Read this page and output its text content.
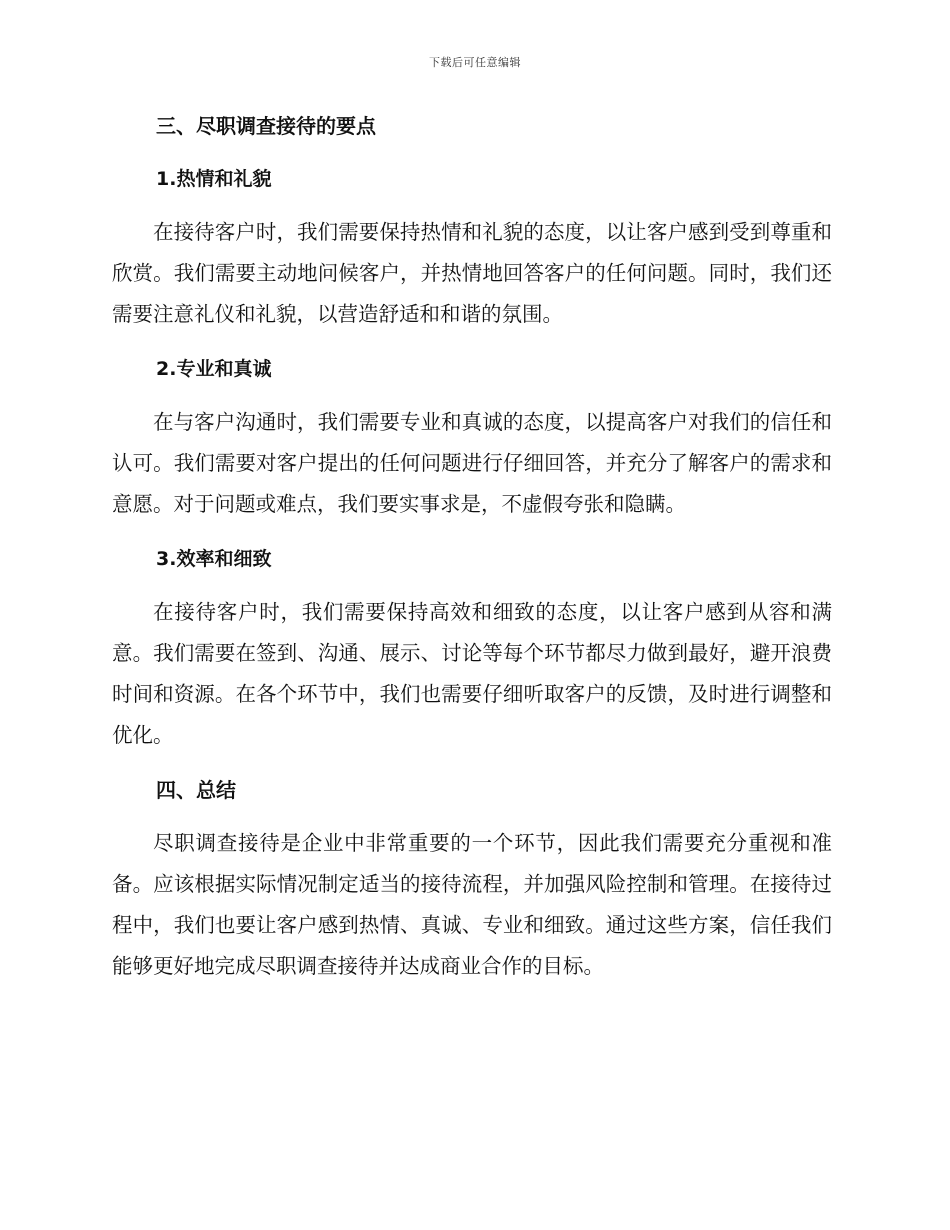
下载后可任意编辑
三、尽职调查接待的要点
1.热情和礼貌

在接待客户时，我们需要保持热情和礼貌的态度，以让客户感到受到尊重和欣赏。我们需要主动地问候客户，并热情地回答客户的任何问题。同时，我们还需要注意礼仪和礼貌，以营造舒适和和谐的氛围。

2.专业和真诚

在与客户沟通时，我们需要专业和真诚的态度，以提高客户对我们的信任和认可。我们需要对客户提出的任何问题进行仔细回答，并充分了解客户的需求和意愿。对于问题或难点，我们要实事求是，不虚假夸张和隐瞒。

3.效率和细致

在接待客户时，我们需要保持高效和细致的态度，以让客户感到从容和满意。我们需要在签到、沟通、展示、讨论等每个环节都尽力做到最好，避开浪费时间和资源。在各个环节中，我们也需要仔细听取客户的反馈，及时进行调整和优化。

四、总结

尽职调查接待是企业中非常重要的一个环节，因此我们需要充分重视和准备。应该根据实际情况制定适当的接待流程，并加强风险控制和管理。在接待过程中，我们也要让客户感到热情、真诚、专业和细致。通过这些方案，信任我们能够更好地完成尽职调查接待并达成商业合作的目标。
